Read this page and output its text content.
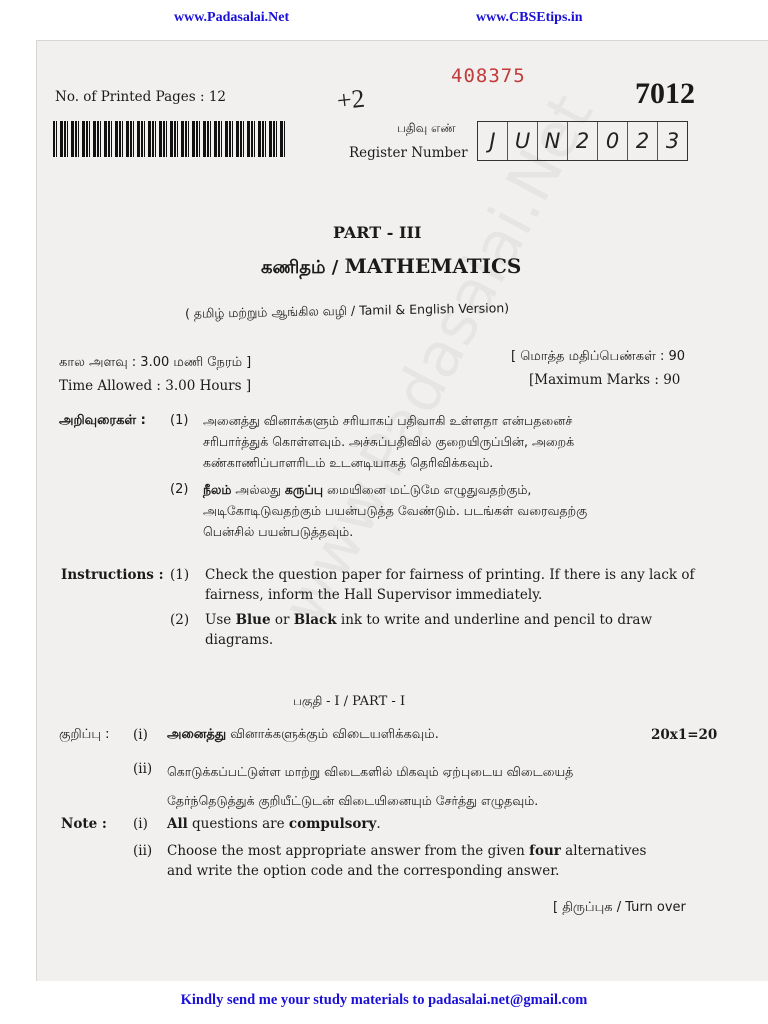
www.Padasalai.Net	www.CBSEtips.in
No. of Printed Pages : 12	+2
408375
7012
பதிவு எண்
Register Number	J U N 2 0 2 3
PART - III
கணிதம் / MATHEMATICS
( தமிழ் மற்றும் ஆங்கில வழி / Tamil & English Version)
கால அளவு : 3.00 மணி நேரம் ]
Time Allowed : 3.00 Hours ]
[ மொத்த மதிப்பெண்கள் : 90
[Maximum Marks : 90
அறிவுரைகள் : (1) அனைத்து வினாக்களும் சரியாகப் பதிவாகி உள்ளதா என்பதனைச்
சரிபார்த்துக் கொள்ளவும். அச்சுப்பதிவில் குறையிருப்பின், அறைக்
கண்காணிப்பாளரிடம் உடனடியாகத் தெரிவிக்கவும்.
(2) நீலம் அல்லது கருப்பு மையினை மட்டுமே எழுதுவதற்கும்,
அடிகோடிடுவதற்கும் பயன்படுத்த வேண்டும். படங்கள் வரைவதற்கு
பென்சில் பயன்படுத்தவும்.
Instructions : (1) Check the question paper for fairness of printing. If there is any lack of
fairness, inform the Hall Supervisor immediately.
(2) Use Blue or Black ink to write and underline and pencil to draw
diagrams.
பகுதி - I / PART - I
குறிப்பு : (i) அனைத்து வினாக்களுக்கும் விடையளிக்கவும்.	20x1=20
(ii) கொடுக்கப்பட்டுள்ள மாற்று விடைகளில் மிகவும் ஏற்புடைய விடையைத்
தேர்ந்தெடுத்துக் குறியீட்டுடன் விடையினையும் சேர்த்து எழுதவும்.
Note : (i) All questions are compulsory.
(ii) Choose the most appropriate answer from the given four alternatives
and write the option code and the corresponding answer.
[ திருப்புக / Turn over
Kindly send me your study materials to padasalai.net@gmail.com
